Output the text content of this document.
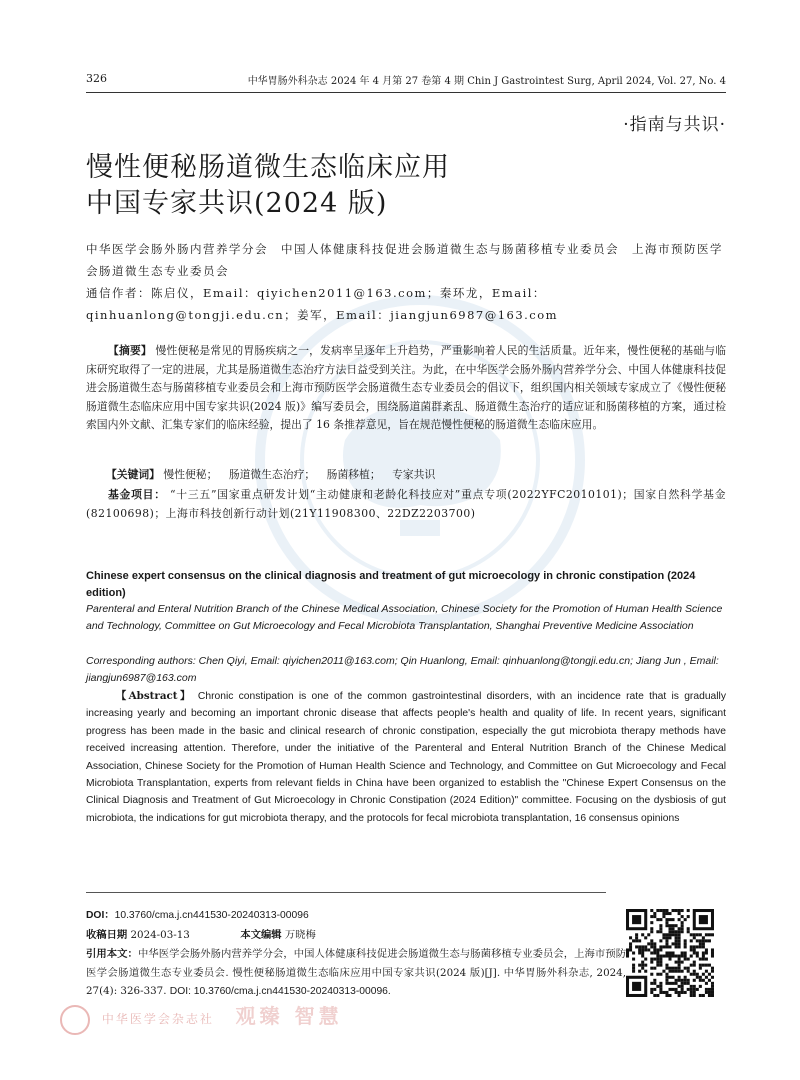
326	中华胃肠外科杂志 2024 年 4 月第 27 卷第 4 期 Chin J Gastrointest Surg, April 2024, Vol. 27, No. 4
·指南与共识·
慢性便秘肠道微生态临床应用
中国专家共识(2024 版)
中华医学会肠外肠内营养学分会　中国人体健康科技促进会肠道微生态与肠菌移植专业委员会　上海市预防医学会肠道微生态专业委员会
通信作者：陈启仪，Email：qiyichen2011@163.com；秦环龙，Email：qinhuanlong@tongji.edu.cn；姜军，Email：jiangjun6987@163.com
【摘要】 慢性便秘是常见的胃肠疾病之一，发病率呈逐年上升趋势，严重影响着人民的生活质量。近年来，慢性便秘的基础与临床研究取得了一定的进展，尤其是肠道微生态治疗方法日益受到关注。为此，在中华医学会肠外肠内营养学分会、中国人体健康科技促进会肠道微生态与肠菌移植专业委员会和上海市预防医学会肠道微生态专业委员会的倡议下，组织国内相关领域专家成立了《慢性便秘肠道微生态临床应用中国专家共识(2024 版)》编写委员会，围绕肠道菌群紊乱、肠道微生态治疗的适应证和肠菌移植的方案，通过检索国内外文献、汇集专家们的临床经验，提出了 16 条推荐意见，旨在规范慢性便秘的肠道微生态临床应用。
【关键词】 慢性便秘； 肠道微生态治疗； 肠菌移植； 专家共识
基金项目： “十三五”国家重点研发计划“主动健康和老龄化科技应对”重点专项(2022YFC2010101)；国家自然科学基金(82100698)；上海市科技创新行动计划(21Y11908300、22DZ2203700)
Chinese expert consensus on the clinical diagnosis and treatment of gut microecology in chronic constipation (2024 edition)
Parenteral and Enteral Nutrition Branch of the Chinese Medical Association, Chinese Society for the Promotion of Human Health Science and Technology, Committee on Gut Microecology and Fecal Microbiota Transplantation, Shanghai Preventive Medicine Association
Corresponding authors: Chen Qiyi, Email: qiyichen2011@163.com; Qin Huanlong, Email: qinhuanlong@tongji.edu.cn; Jiang Jun , Email: jiangjun6987@163.com
【Abstract】 Chronic constipation is one of the common gastrointestinal disorders, with an incidence rate that is gradually increasing yearly and becoming an important chronic disease that affects people's health and quality of life. In recent years, significant progress has been made in the basic and clinical research of chronic constipation, especially the gut microbiota therapy methods have received increasing attention. Therefore, under the initiative of the Parenteral and Enteral Nutrition Branch of the Chinese Medical Association, Chinese Society for the Promotion of Human Health Science and Technology, and Committee on Gut Microecology and Fecal Microbiota Transplantation, experts from relevant fields in China have been organized to establish the "Chinese Expert Consensus on the Clinical Diagnosis and Treatment of Gut Microecology in Chronic Constipation (2024 Edition)" committee. Focusing on the dysbiosis of gut microbiota, the indications for gut microbiota therapy, and the protocols for fecal microbiota transplantation, 16 consensus opinions
DOI：10.3760/cma.j.cn441530-20240313-00096
收稿日期 2024-03-13	本文编辑 万晓梅
引用本文：中华医学会肠外肠内营养学分会，中国人体健康科技促进会肠道微生态与肠菌移植专业委员会，上海市预防医学会肠道微生态专业委员会. 慢性便秘肠道微生态临床应用中国专家共识(2024 版)[J]. 中华胃肠外科杂志, 2024, 27(4): 326-337. DOI: 10.3760/cma.j.cn441530-20240313-00096.
中华医学会杂志社 观臻 智慧
